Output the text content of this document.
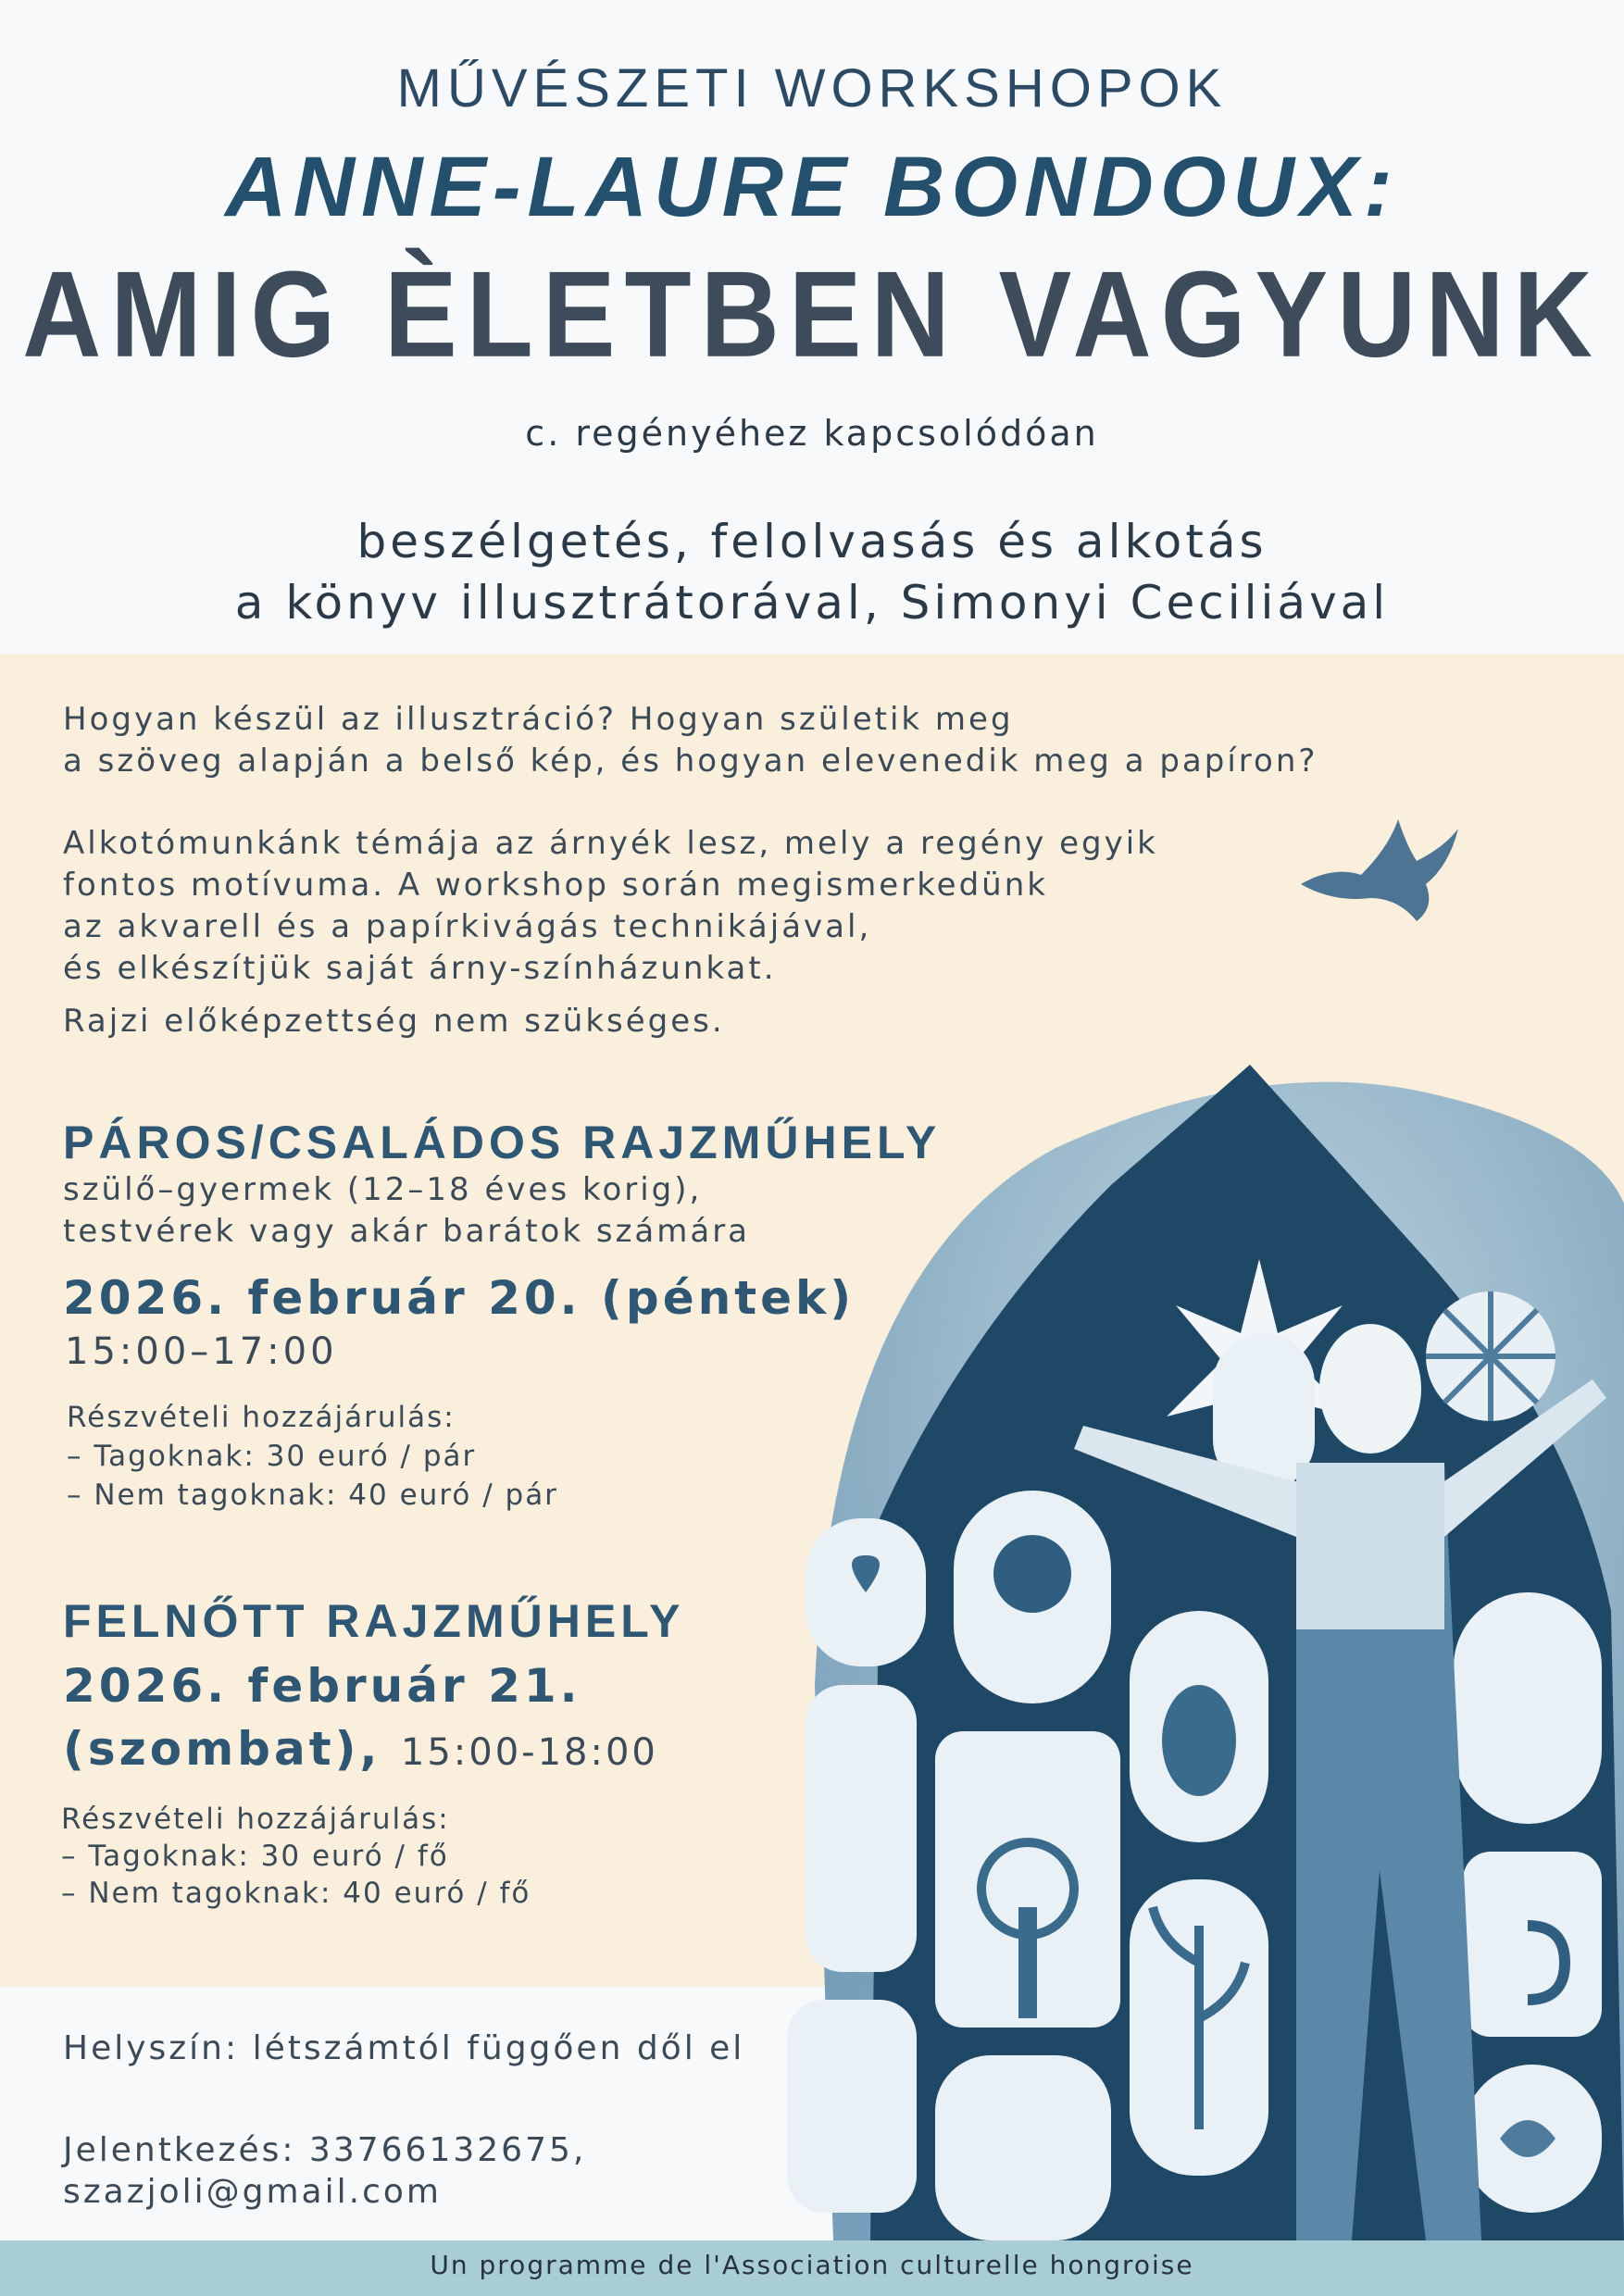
MŰVÉSZETI WORKSHOPOK
ANNE-LAURE BONDOUX:
AMIG ÈLETBEN VAGYUNK
c. regényéhez kapcsolódóan
beszélgetés, felolvasás és alkotás
a könyv illusztrátorával, Simonyi Ceciliával
Hogyan készül az illusztráció? Hogyan születik meg
a szöveg alapján a belső kép, és hogyan elevenedik meg a papíron?
Alkotómunkánk témája az árnyék lesz, mely a regény egyik
fontos motívuma. A workshop során megismerkedünk
az akvarell és a papírkivágás technikájával,
és elkészítjük saját árny-színházunkat.
Rajzi előképzettség nem szükséges.
PÁROS/CSALÁDOS RAJZMŰHELY
szülő–gyermek (12–18 éves korig),
testvérek vagy akár barátok számára
2026. február 20. (péntek)
15:00–17:00
Részvételi hozzájárulás:
– Tagoknak: 30 euró / pár
– Nem tagoknak: 40 euró / pár
FELNŐTT RAJZMŰHELY
2026. február 21.
(szombat), 15:00-18:00
Részvételi hozzájárulás:
– Tagoknak: 30 euró / fő
– Nem tagoknak: 40 euró / fő
Helyszín: létszámtól függően dől el
Jelentkezés: 33766132675,
szazjoli@gmail.com
Un programme de l'Association culturelle hongroise
